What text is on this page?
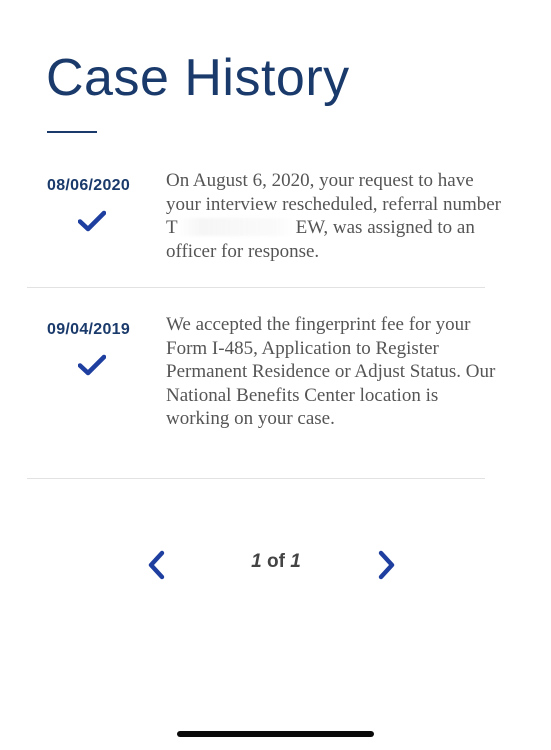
Case History
08/06/2020 On August 6, 2020, your request to have your interview rescheduled, referral number T	EW, was assigned to an officer for response.

09/04/2019 We accepted the fingerprint fee for your Form I-485, Application to Register Permanent Residence or Adjust Status. Our National Benefits Center location is working on your case.

1 of 1
